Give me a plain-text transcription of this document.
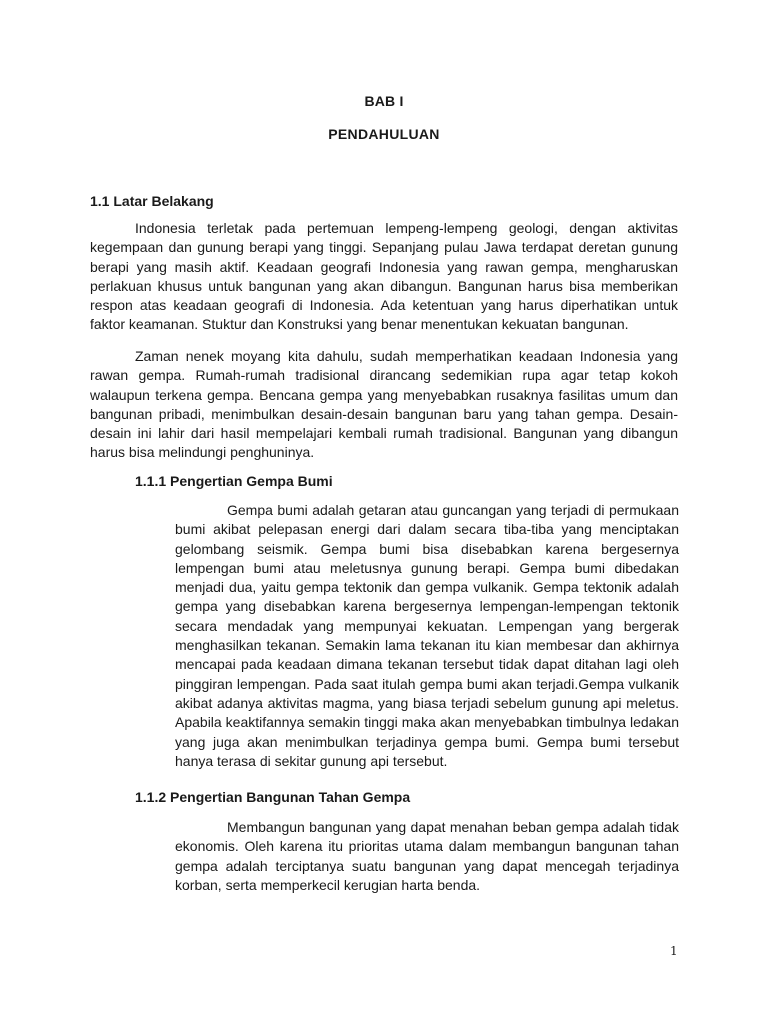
BAB I
PENDAHULUAN
1.1 Latar Belakang

Indonesia terletak pada pertemuan lempeng-lempeng geologi, dengan aktivitas kegempaan dan gunung berapi yang tinggi. Sepanjang pulau Jawa terdapat deretan gunung berapi yang masih aktif. Keadaan geografi Indonesia yang rawan gempa, mengharuskan perlakuan khusus untuk bangunan yang akan dibangun. Bangunan harus bisa memberikan respon atas keadaan geografi di Indonesia. Ada ketentuan yang harus diperhatikan untuk faktor keamanan. Stuktur dan Konstruksi yang benar menentukan kekuatan bangunan.

Zaman nenek moyang kita dahulu, sudah memperhatikan keadaan Indonesia yang rawan gempa. Rumah-rumah tradisional dirancang sedemikian rupa agar tetap kokoh walaupun terkena gempa. Bencana gempa yang menyebabkan rusaknya fasilitas umum dan bangunan pribadi, menimbulkan desain-desain bangunan baru yang tahan gempa. Desain-desain ini lahir dari hasil mempelajari kembali rumah tradisional. Bangunan yang dibangun harus bisa melindungi penghuninya.

1.1.1 Pengertian Gempa Bumi

Gempa bumi adalah getaran atau guncangan yang terjadi di permukaan bumi akibat pelepasan energi dari dalam secara tiba-tiba yang menciptakan gelombang seismik. Gempa bumi bisa disebabkan karena bergesernya lempengan bumi atau meletusnya gunung berapi. Gempa bumi dibedakan menjadi dua, yaitu gempa tektonik dan gempa vulkanik. Gempa tektonik adalah gempa yang disebabkan karena bergesernya lempengan-lempengan tektonik secara mendadak yang mempunyai kekuatan. Lempengan yang bergerak menghasilkan tekanan. Semakin lama tekanan itu kian membesar dan akhirnya mencapai pada keadaan dimana tekanan tersebut tidak dapat ditahan lagi oleh pinggiran lempengan. Pada saat itulah gempa bumi akan terjadi.Gempa vulkanik akibat adanya aktivitas magma, yang biasa terjadi sebelum gunung api meletus. Apabila keaktifannya semakin tinggi maka akan menyebabkan timbulnya ledakan yang juga akan menimbulkan terjadinya gempa bumi. Gempa bumi tersebut hanya terasa di sekitar gunung api tersebut.

1.1.2 Pengertian Bangunan Tahan Gempa

Membangun bangunan yang dapat menahan beban gempa adalah tidak ekonomis. Oleh karena itu prioritas utama dalam membangun bangunan tahan gempa adalah terciptanya suatu bangunan yang dapat mencegah terjadinya korban, serta memperkecil kerugian harta benda.

1
